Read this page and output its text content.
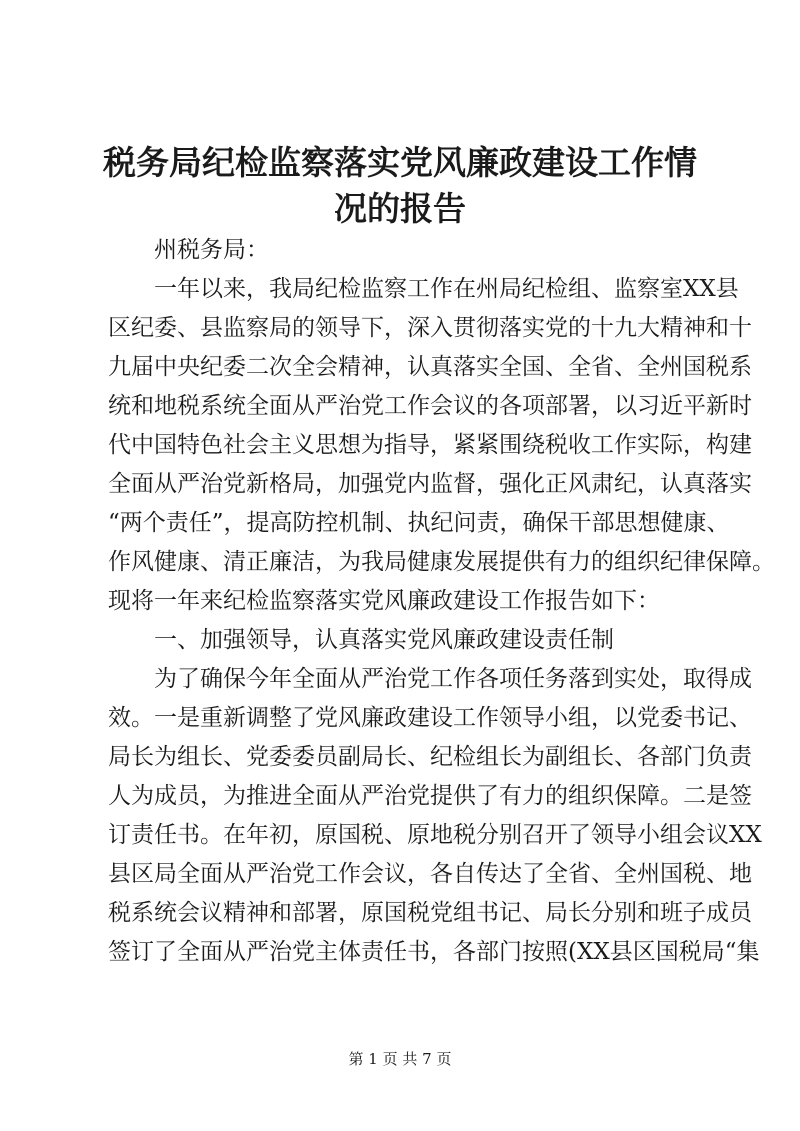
税务局纪检监察落实党风廉政建设工作情况的报告
州税务局：
一年以来，我局纪检监察工作在州局纪检组、监察室XX县
区纪委、县监察局的领导下，深入贯彻落实党的十九大精神和十
九届中央纪委二次全会精神，认真落实全国、全省、全州国税系
统和地税系统全面从严治党工作会议的各项部署，以习近平新时
代中国特色社会主义思想为指导，紧紧围绕税收工作实际，构建
全面从严治党新格局，加强党内监督，强化正风肃纪，认真落实
“两个责任”，提高防控机制、执纪问责，确保干部思想健康、
作风健康、清正廉洁，为我局健康发展提供有力的组织纪律保障。
现将一年来纪检监察落实党风廉政建设工作报告如下：
一、加强领导，认真落实党风廉政建设责任制
为了确保今年全面从严治党工作各项任务落到实处，取得成
效。一是重新调整了党风廉政建设工作领导小组，以党委书记、
局长为组长、党委委员副局长、纪检组长为副组长、各部门负责
人为成员，为推进全面从严治党提供了有力的组织保障。二是签
订责任书。在年初，原国税、原地税分别召开了领导小组会议XX
县区局全面从严治党工作会议，各自传达了全省、全州国税、地
税系统会议精神和部署，原国税党组书记、局长分别和班子成员
签订了全面从严治党主体责任书，各部门按照(XX县区国税局“集
第 1 页 共 7 页
